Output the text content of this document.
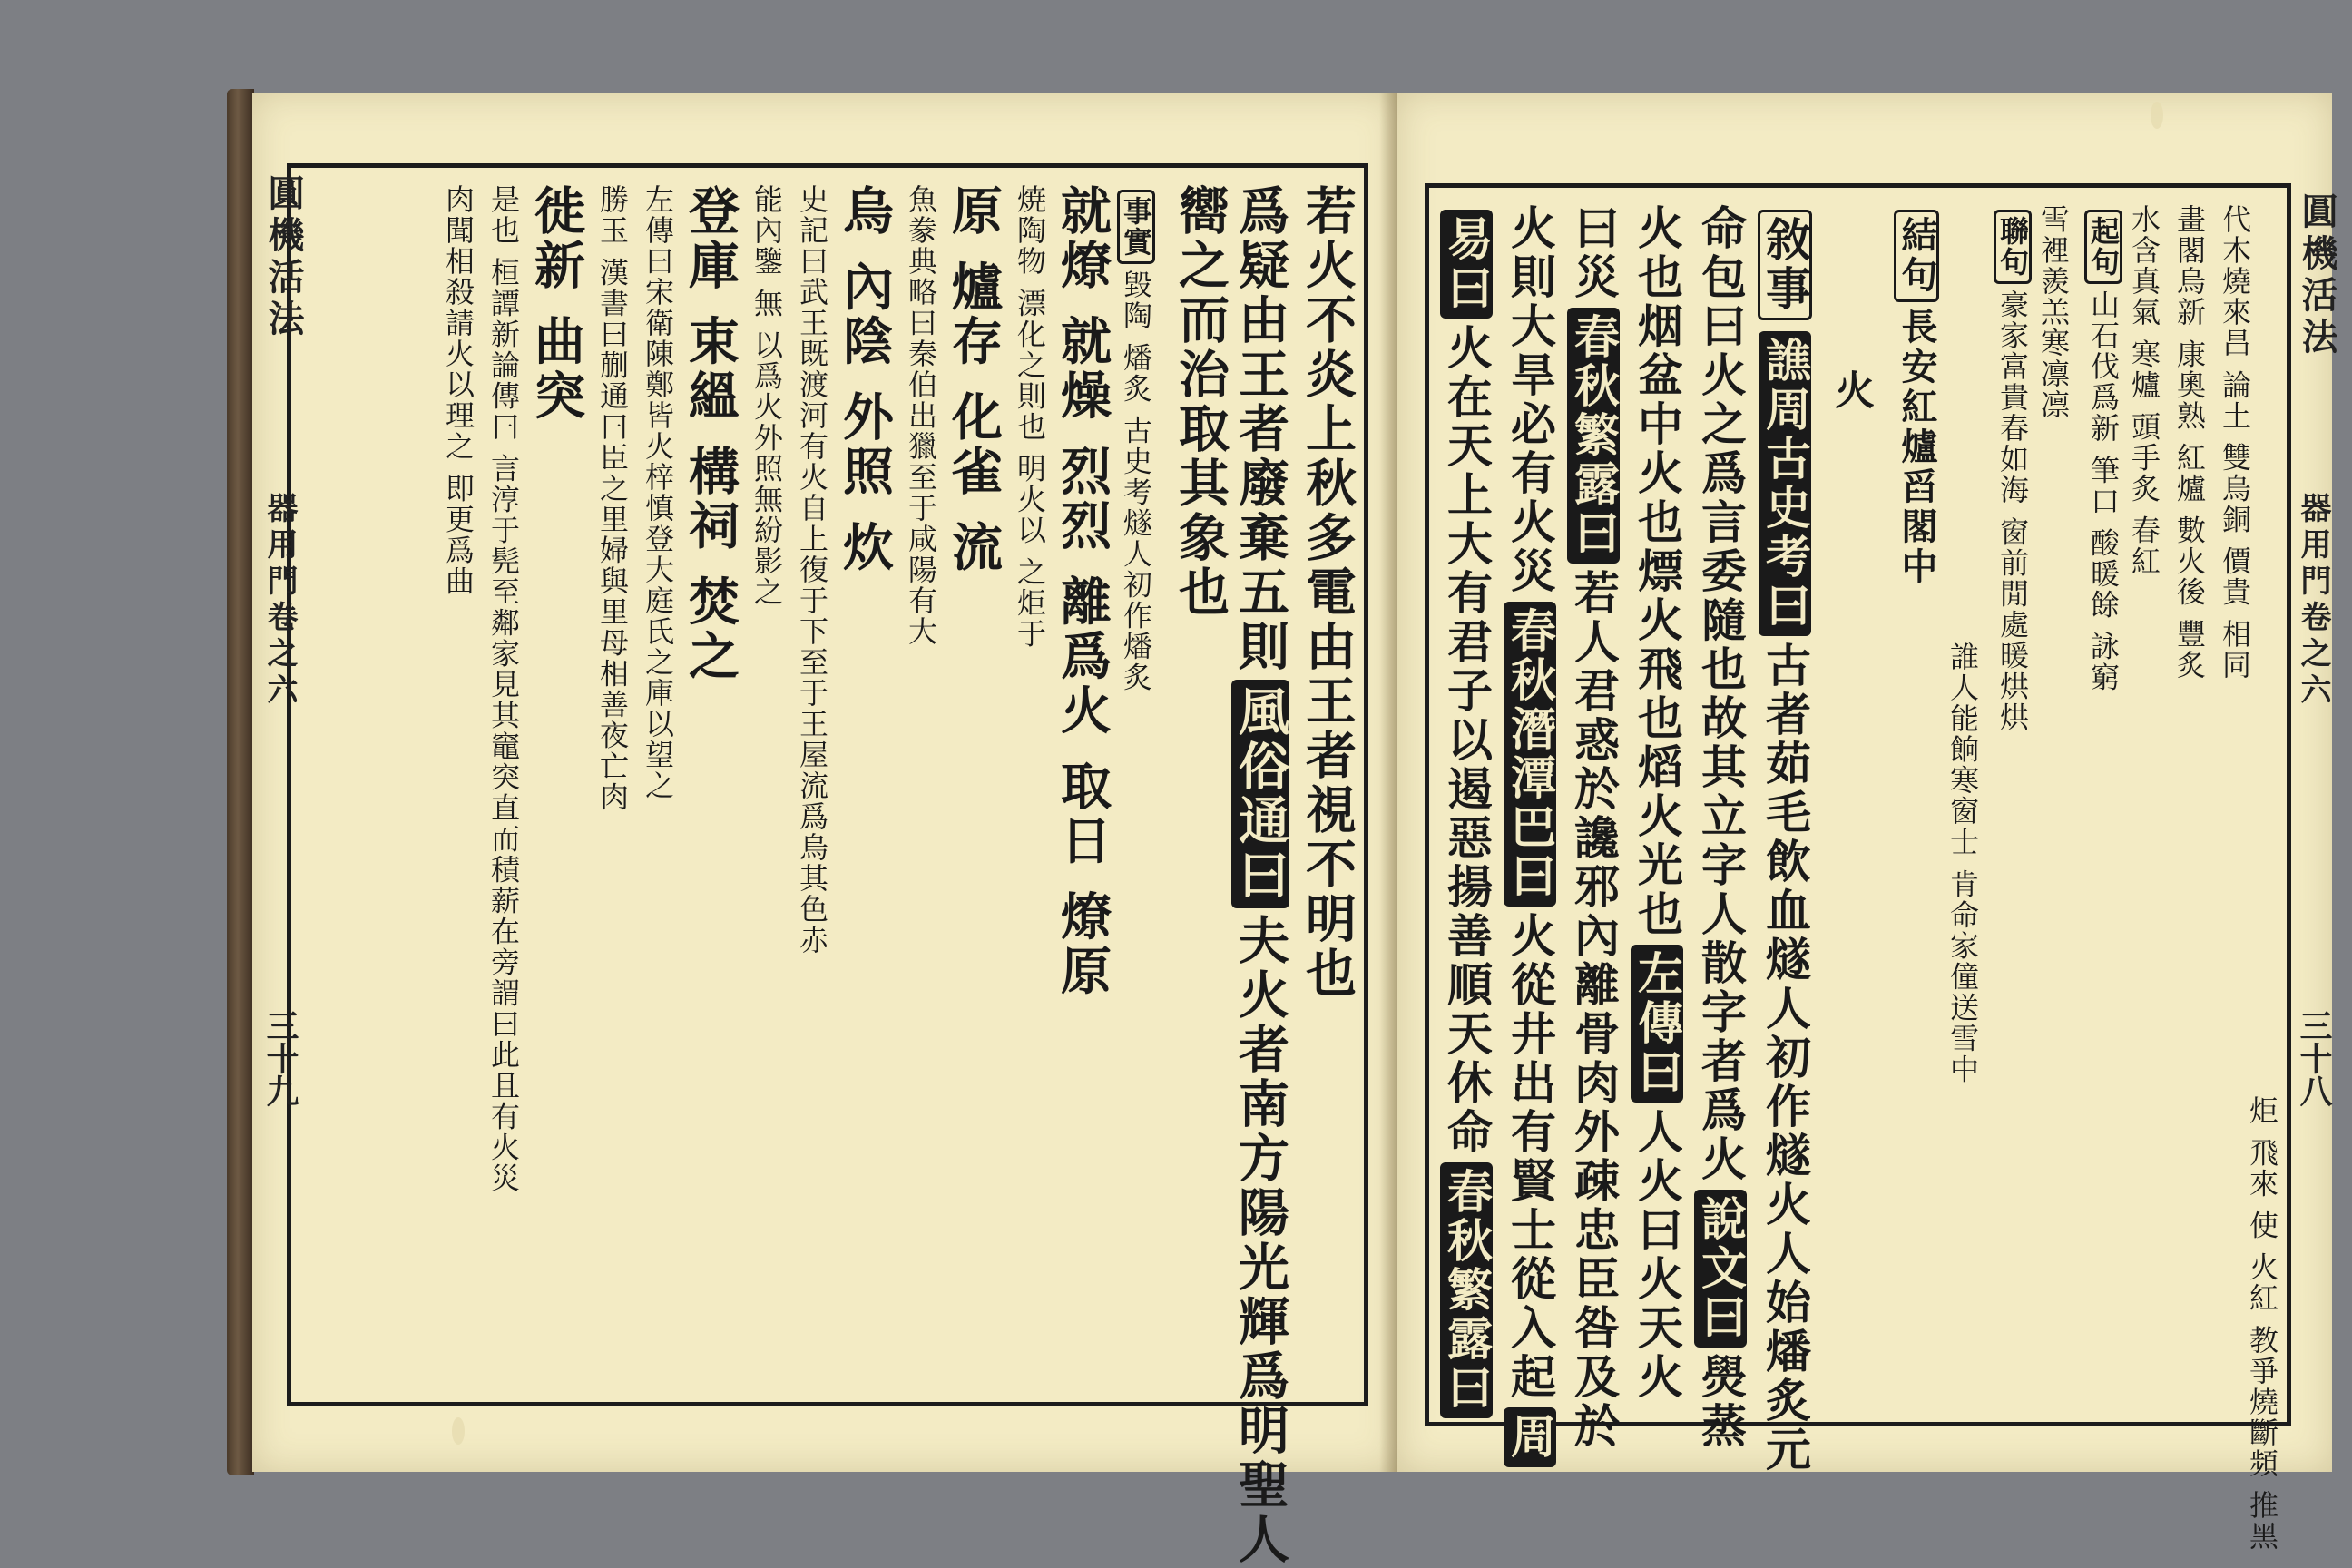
若火不炎上秋多電由王者視不明也
爲疑由王者廢棄五則風俗通曰夫火者南方陽光輝爲明聖人
嚮之而治取其象也
事實毀陶 燔炙 古史考燧人初作燔炙
就燎 就燥 烈烈 離爲火 取日 燎原
焼陶物 漂化之則也 明火以 之炬于
原 爐存 化雀 流
魚豢典略曰秦伯出獵至于咸陽有大
烏 內陰 外照 炊
史記曰武王既渡河有火自上復于下至于王屋流爲烏其色赤
能內鑒 無 以爲火外照無紛影之
登庫 束縕 構祠 焚之
左傳曰宋衛陳鄭皆火梓慎登大庭氏之庫以望之
勝玉 漢書曰蒯通曰臣之里婦與里母相善夜亡肉
徙新 曲突
是也 桓譚新論傳曰 言淳于髡至鄰家見其竈突直而積薪在旁謂曰此且有火災
肉聞相殺請火以理之 即更爲曲
圓機活法
器用門卷之六
三十九
易曰火在天上大有君子以遏惡揚善順天休命春秋繁露曰
火則大旱必有火災春秋潛潭巴曰火從井出有賢士從入起周
曰災春秋繁露曰若人君惑於讒邪內離骨肉外疎忠臣咎及於 火也烟盆中火也熛火飛也熖火光也左傳曰人火曰火天火
命包曰火之爲言委隨也故其立字人散字者爲火說文曰燢蒸
敘事譙周古史考曰古者茹毛飲血燧人初作燧火人始燔炙元
火
結句長安紅爐舀閣中
誰人能餉寒窗士 肯命家僮送雪中
聯句豪家富貴春如海 窗前閒處暖烘烘 雪裡羨羔寒凛凛 起句山石伐爲新 筆口 酸暖餘 詠窮 水含真氣 寒爐 頭手炙 春紅 畫閣烏新 康奧熟 紅爐 數火後 豐炙 代木燒來昌 論土 雙烏銅 價貴 相同
炬 飛來 使 火紅 教爭燒斷頻 推黑
圓機活法
器用門卷之六
三十八
